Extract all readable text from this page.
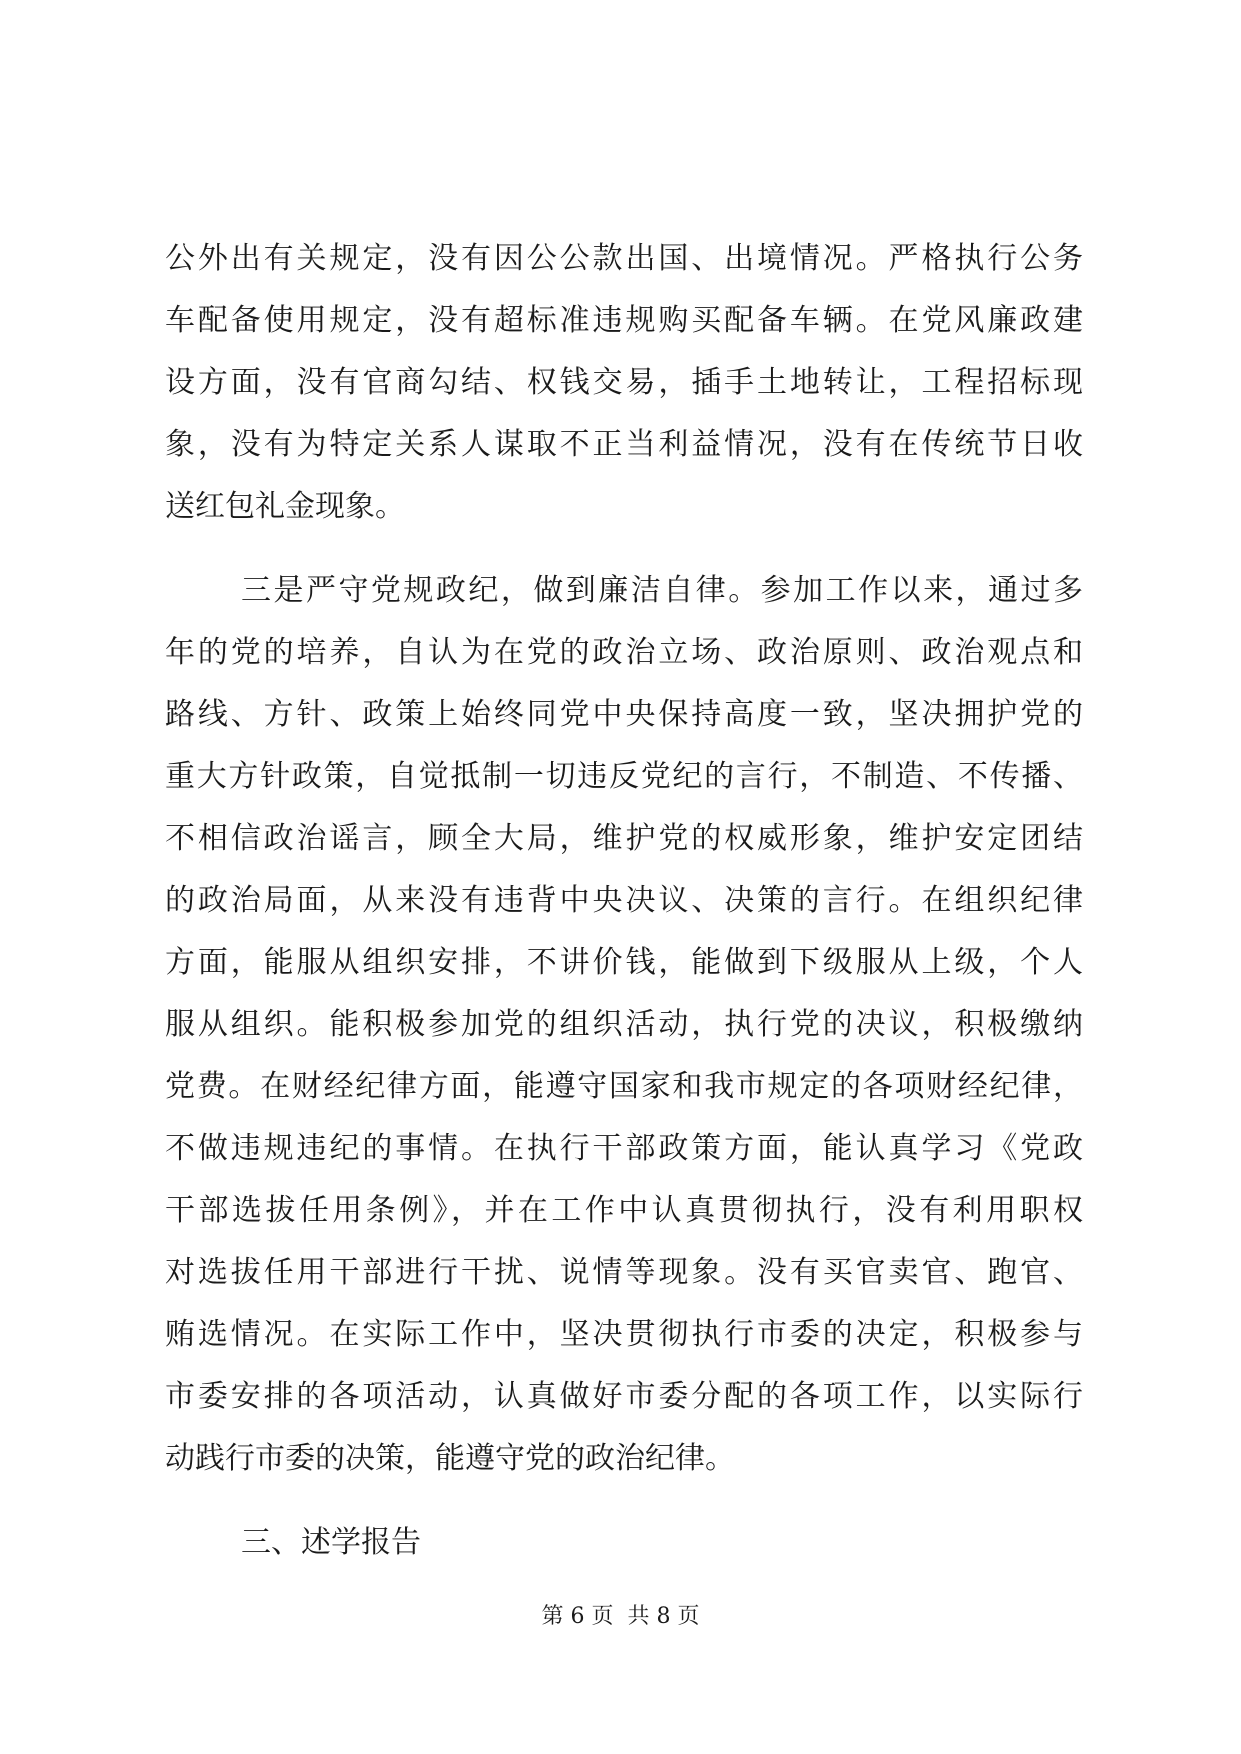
公外出有关规定，没有因公公款出国、出境情况。严格执行公务
车配备使用规定，没有超标准违规购买配备车辆。在党风廉政建
设方面，没有官商勾结、权钱交易，插手土地转让，工程招标现
象，没有为特定关系人谋取不正当利益情况，没有在传统节日收
送红包礼金现象。
三是严守党规政纪，做到廉洁自律。参加工作以来，通过多
年的党的培养，自认为在党的政治立场、政治原则、政治观点和
路线、方针、政策上始终同党中央保持高度一致，坚决拥护党的
重大方针政策，自觉抵制一切违反党纪的言行，不制造、不传播、
不相信政治谣言，顾全大局，维护党的权威形象，维护安定团结
的政治局面，从来没有违背中央决议、决策的言行。在组织纪律
方面，能服从组织安排，不讲价钱，能做到下级服从上级，个人
服从组织。能积极参加党的组织活动，执行党的决议，积极缴纳
党费。在财经纪律方面，能遵守国家和我市规定的各项财经纪律，
不做违规违纪的事情。在执行干部政策方面，能认真学习《党政
干部选拔任用条例》，并在工作中认真贯彻执行，没有利用职权
对选拔任用干部进行干扰、说情等现象。没有买官卖官、跑官、
贿选情况。在实际工作中，坚决贯彻执行市委的决定，积极参与
市委安排的各项活动，认真做好市委分配的各项工作，以实际行
动践行市委的决策，能遵守党的政治纪律。
三、述学报告
第 6 页  共 8 页
